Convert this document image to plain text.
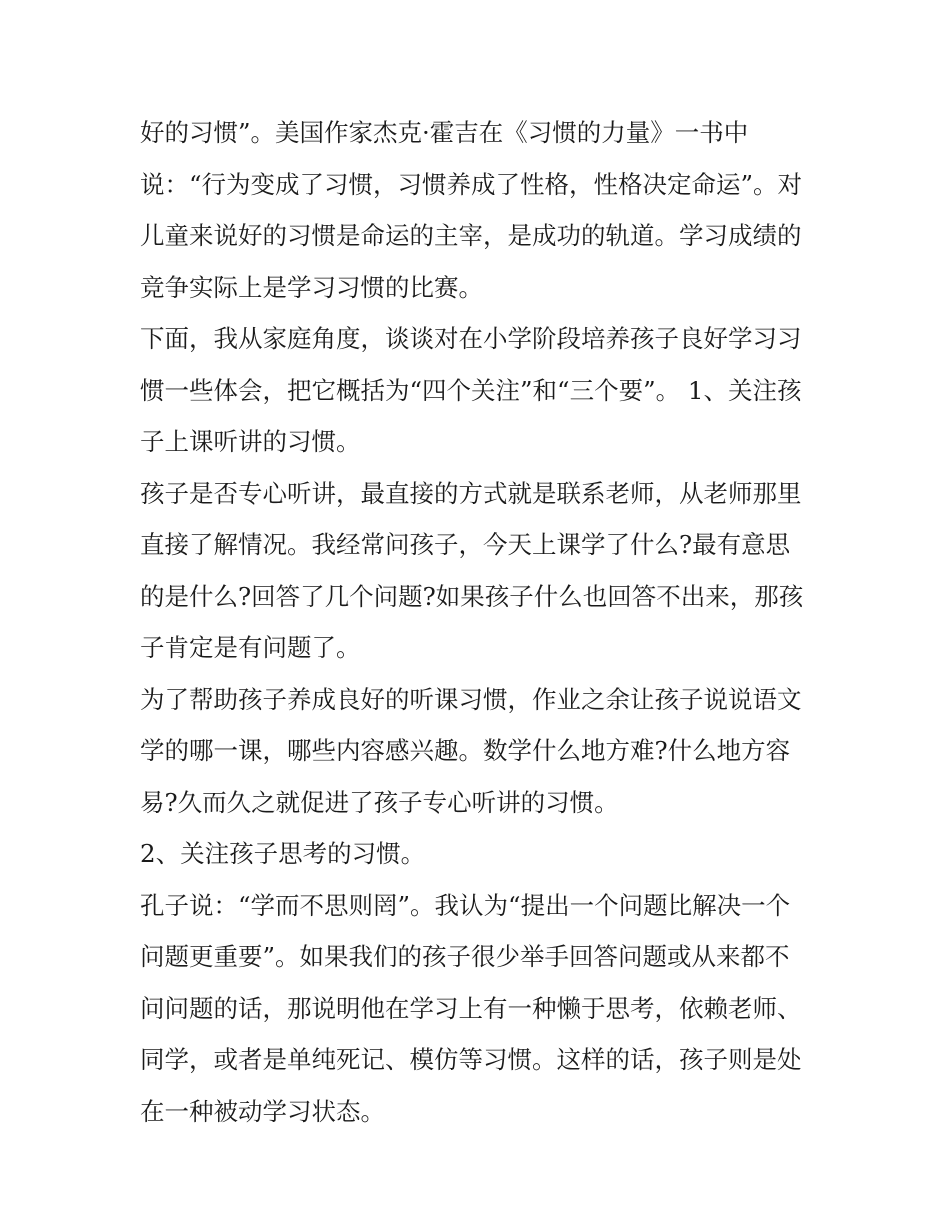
好的习惯”。美国作家杰克·霍吉在《习惯的力量》一书中
说：“行为变成了习惯，习惯养成了性格，性格决定命运”。对
儿童来说好的习惯是命运的主宰，是成功的轨道。学习成绩的
竞争实际上是学习习惯的比赛。
下面，我从家庭角度，谈谈对在小学阶段培养孩子良好学习习
惯一些体会，把它概括为“四个关注”和“三个要”。 1、关注孩
子上课听讲的习惯。
孩子是否专心听讲，最直接的方式就是联系老师，从老师那里
直接了解情况。我经常问孩子，今天上课学了什么?最有意思
的是什么?回答了几个问题?如果孩子什么也回答不出来，那孩
子肯定是有问题了。
为了帮助孩子养成良好的听课习惯，作业之余让孩子说说语文
学的哪一课，哪些内容感兴趣。数学什么地方难?什么地方容
易?久而久之就促进了孩子专心听讲的习惯。
2、关注孩子思考的习惯。
孔子说：“学而不思则罔”。我认为“提出一个问题比解决一个
问题更重要”。如果我们的孩子很少举手回答问题或从来都不
问问题的话，那说明他在学习上有一种懒于思考，依赖老师、
同学，或者是单纯死记、模仿等习惯。这样的话，孩子则是处
在一种被动学习状态。
